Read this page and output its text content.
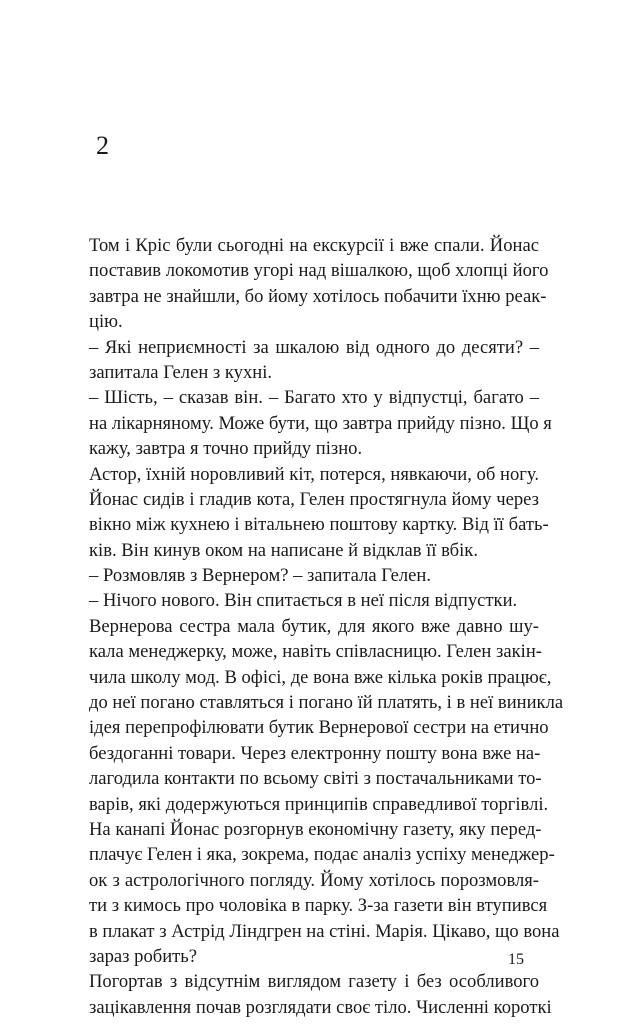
2
Том і Кріс були сьогодні на екскурсії і вже спали. Йонас
поставив локомотив угорі над вішалкою, щоб хлопці його
завтра не знайшли, бо йому хотілось побачити їхню реак-
цію.
– Які неприємності за шкалою від одного до десяти? –
запитала Гелен з кухні.
– Шість, – сказав він. – Багато хто у відпустці, багато –
на лікарняному. Може бути, що завтра прийду пізно. Що я
кажу, завтра я точно прийду пізно.
Астор, їхній норовливий кіт, потерся, нявкаючи, об ногу.
Йонас сидів і гладив кота, Гелен простягнула йому через
вікно між кухнею і вітальнею поштову картку. Від її бать-
ків. Він кинув оком на написане й відклав її вбік.
– Розмовляв з Вернером? – запитала Гелен.
– Нічого нового. Він спитається в неї після відпустки.
Вернерова сестра мала бутик, для якого вже давно шу-
кала менеджерку, може, навіть співласницю. Гелен закін-
чила школу мод. В офісі, де вона вже кілька років працює,
до неї погано ставляться і погано їй платять, і в неї виникла
ідея перепрофілювати бутик Вернерової сестри на етично
бездоганні товари. Через електронну пошту вона вже на-
лагодила контакти по всьому світі з постачальниками то-
варів, які додержуються принципів справедливої торгівлі.
На канапі Йонас розгорнув економічну газету, яку перед-
плачує Гелен і яка, зокрема, подає аналіз успіху менеджер-
ок з астрологічного погляду. Йому хотілось порозмовля-
ти з кимось про чоловіка в парку. З-за газети він втупився
в плакат з Астрід Ліндгрен на стіні. Марія. Цікаво, що вона
зараз робить?
Погортав з відсутнім виглядом газету і без особливого
зацікавлення почав розглядати своє тіло. Численні короткі
15
